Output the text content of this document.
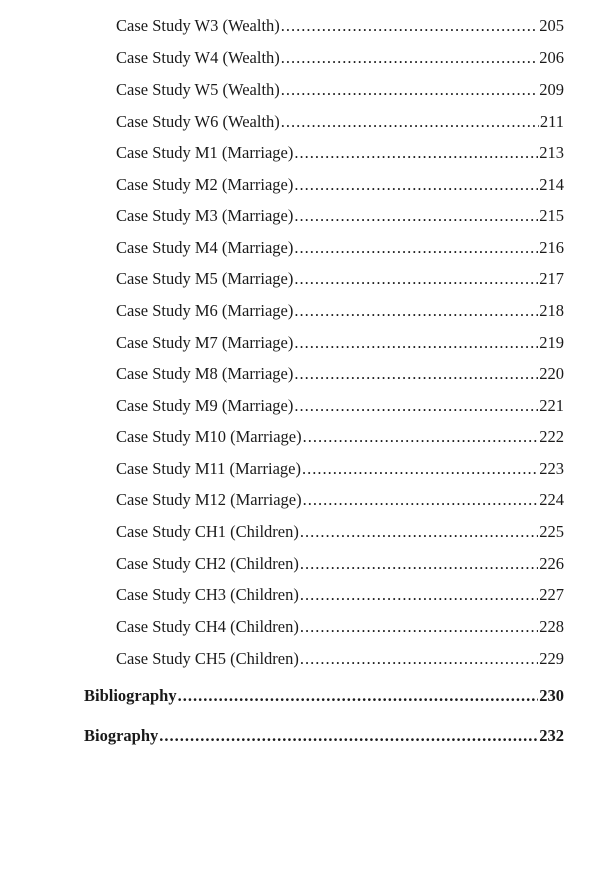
Case Study W3 (Wealth) .....	205
Case Study W4 (Wealth) .....	206
Case Study W5 (Wealth) .....	209
Case Study W6 (Wealth) .....	211
Case Study M1 (Marriage) .....	213
Case Study M2 (Marriage) .....	214
Case Study M3 (Marriage) .....	215
Case Study M4 (Marriage) .....	216
Case Study M5 (Marriage) .....	217
Case Study M6 (Marriage) .....	218
Case Study M7 (Marriage) .....	219
Case Study M8 (Marriage) .....	220
Case Study M9 (Marriage) .....	221
Case Study M10 (Marriage) .....	222
Case Study M11 (Marriage) .....	223
Case Study M12 (Marriage) .....	224
Case Study CH1 (Children) .....	225
Case Study CH2 (Children) .....	226
Case Study CH3 (Children) .....	227
Case Study CH4 (Children) .....	228
Case Study CH5 (Children) .....	229
Bibliography .....	230
Biography .....	232
